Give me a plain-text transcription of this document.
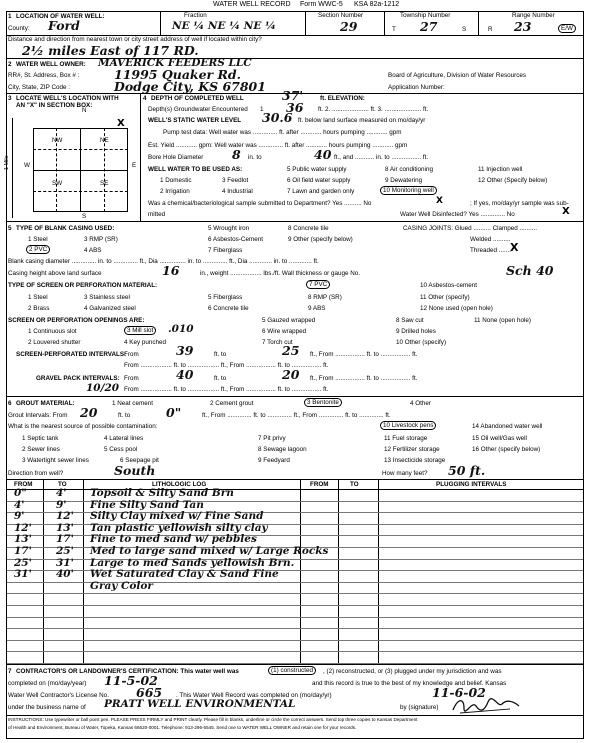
WATER WELL RECORD Form WWC-5 KSA 82a-1212
1 LOCATION OF WATER WELL:
County: Ford
Fraction
NE ¼ NE ¼ NE ¼
Section Number
29
Township Number
T 27	S
Range Number
R 23	E/W
Distance and direction from nearest town or city street address of well if located within city?
2½ miles East of 117 RD.
2 WATER WELL OWNER: MAVERICK FEEDERS LLC
RR#, St. Address, Box # :	11995 Quaker Rd.	Board of Agriculture, Division of Water Resources
City, State, ZIP Code :	Dodge City, KS 67801	Application Number:
3 LOCATE WELL'S LOCATION WITH
AN "X" IN SECTION BOX:
N
S
W	E
1 Mile
NW	NE
SW	SE
X
4 DEPTH OF COMPLETED WELL	37'	ft. ELEVATION:
Depth(s) Groundwater Encountered 1 36 ft. 2. ..................... ft. 3. ..................... ft.
WELL'S STATIC WATER LEVEL 30.6 ft. below land surface measured on mo/day/yr
Pump test data: Well water was .............. ft. after ............ hours pumping ............ gpm
Est. Yield ............ gpm: Well water was .............. ft. after ............ hours pumping ............ gpm
Bore Hole Diameter 8 in. to	40 ft., and ........... in. to ................. ft.
WELL WATER TO BE USED AS:	5 Public water supply	8 Air conditioning	11 Injection well
1 Domestic	3 Feedlot	6 Oil field water supply	9 Dewatering	12 Other (Specify below)
2 Irrigation	4 Industrial	7 Lawn and garden only	10 Monitoring well
Was a chemical/bacteriological sample submitted to Department? Yes .......... No	X	; If yes, mo/day/yr sample was sub-
mitted	Water Well Disinfected? Yes .............. No	X
5 TYPE OF BLANK CASING USED:	5 Wrought iron	8 Concrete tile	CASING JOINTS: Glued .......... Clamped ..........
1 Steel	3 RMP (SR)	6 Asbestos-Cement	9 Other (specify below)	Welded ..........
2 PVC	4 ABS	7 Fiberglass	Threaded ....... X
Blank casing diameter .............. in. to .............. ft., Dia ............... in. to .............. ft., Dia ............. in. to ............. ft.
Casing height above land surface	16	in., weight .................. lbs./ft. Wall thickness or gauge No.	Sch 40
TYPE OF SCREEN OR PERFORATION MATERIAL:	7 PVC	10 Asbestos-cement
1 Steel	3 Stainless steel	5 Fiberglass	8 RMP (SR)	11 Other (specify)
2 Brass	4 Galvanized steel	6 Concrete tile	9 ABS	12 None used (open hole)
SCREEN OR PERFORATION OPENINGS ARE:	5 Gauzed wrapped	8 Saw cut	11 None (open hole)
1 Continuous slot	3 Mill slot .010	6 Wire wrapped	9 Drilled holes
2 Louvered shutter	4 Key punched	7 Torch cut	10 Other (specify)
SCREEN-PERFORATED INTERVALS:
From	39	ft. to	25 ft., From ................. ft. to ................. ft.
From .................. ft. to .................. ft., From ................. ft. to ................. ft.
GRAVEL PACK INTERVALS: From	40	ft. to	20 ft., From ................. ft. to ................. ft.
10/20 From .................. ft. to .................. ft., From ................. ft. to ................. ft.
6 GROUT MATERIAL:	1 Neat cement	2 Cement grout	3 Bentonite	4 Other
Grout Intervals: From 20	ft. to	0"	ft., From .............. ft. to .............. ft., From .............. ft. to .............. ft.
What is the nearest source of possible contamination:	10 Livestock pens	14 Abandoned water well
1 Septic tank	4 Lateral lines	7 Pit privy	11 Fuel storage	15 Oil well/Gas well
2 Sewer lines	5 Cess pool	8 Sewage lagoon	12 Fertilizer storage	16 Other (specify below)
3 Watertight sewer lines	6 Seepage pit	9 Feedyard	13 Insecticide storage
Direction from well?	South	How many feet? 50 ft.
FROM	TO	LITHOLOGIC LOG	FROM	TO	PLUGGING INTERVALS
0"	4' Topsoil & Silty Sand Brn
4'	9' Fine Silty Sand Tan
9'	12' Silty Clay mixed w/ Fine Sand
12' 13' Tan plastic yellowish silty clay
13' 17' Fine to med sand w/ pebbles
17' 25' Med to large sand mixed w/ Large Rocks
25' 31' Large to med Sands yellowish Brn.
31' 40' Wet Saturated Clay & Sand Fine
Gray Color
7 CONTRACTOR'S OR LANDOWNER'S CERTIFICATION: This water well was	(1) constructed	, (2) reconstructed, or (3) plugged under my jurisdiction and was
completed on (mo/day/year) 11-5-02	and this record is true to the best of my knowledge and belief. Kansas
Water Well Contractor's License No. 665 . This Water Well Record was completed on (mo/day/yr)	11-6-02
under the business name of PRATT WELL ENVIRONMENTAL	by (signature)
INSTRUCTIONS: Use typewriter or ball point pen. PLEASE PRESS FIRMLY and PRINT clearly. Please fill in blanks, underline or circle the correct answers. Send top three copies to Kansas Department
of Health and Environment, Bureau of Water, Topeka, Kansas 66620-0001. Telephone: 913-296-5545. Send one to WATER WELL OWNER and retain one for your records.
